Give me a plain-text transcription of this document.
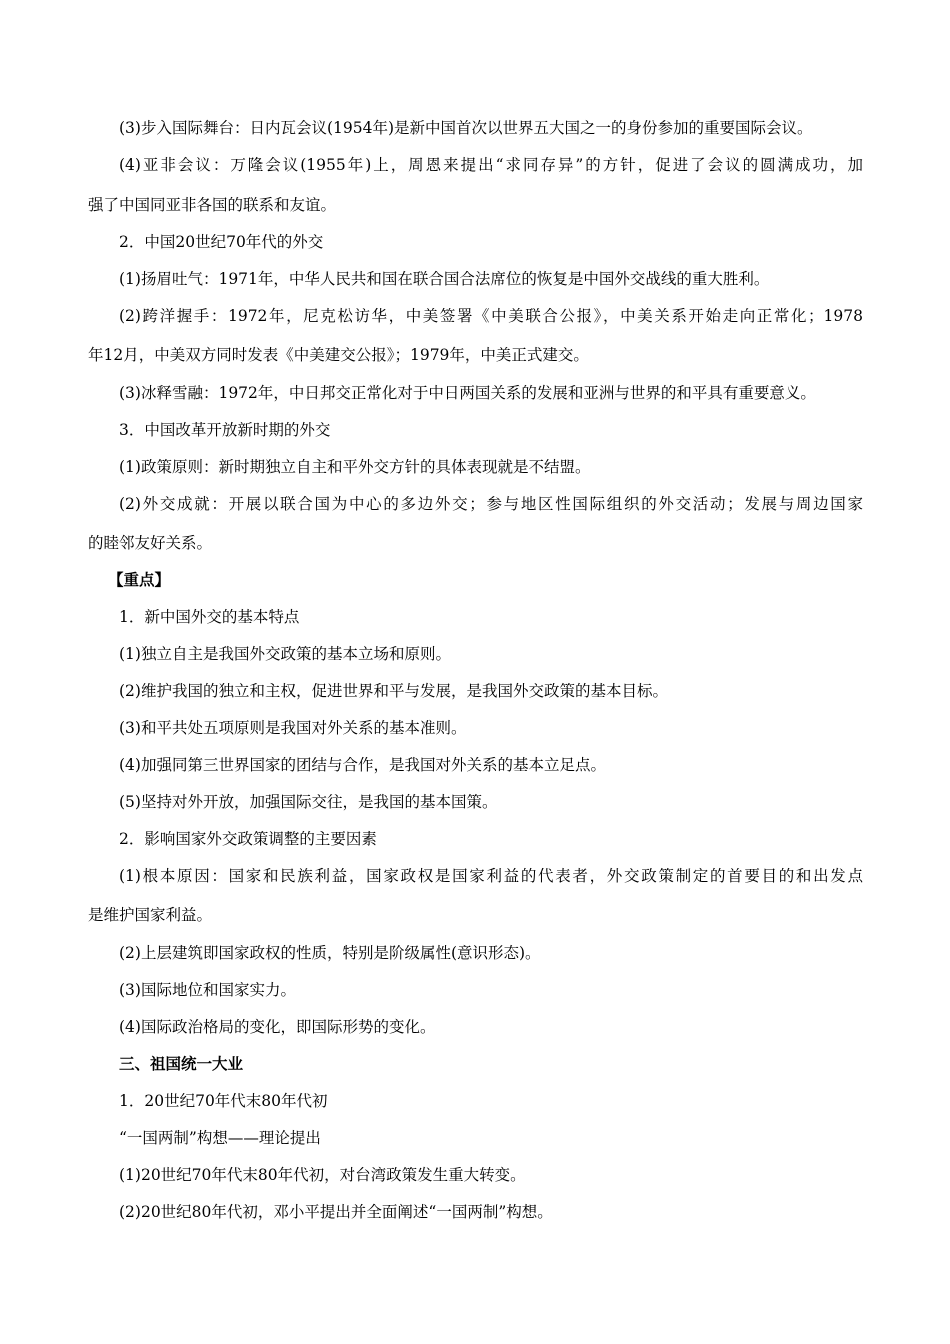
(3)步入国际舞台：日内瓦会议(1954年)是新中国首次以世界五大国之一的身份参加的重要国际会议。
(4)亚非会议：万隆会议(1955年)上，周恩来提出“求同存异”的方针，促进了会议的圆满成功，加
强了中国同亚非各国的联系和友谊。
2．中国20世纪70年代的外交
(1)扬眉吐气：1971年，中华人民共和国在联合国合法席位的恢复是中国外交战线的重大胜利。
(2)跨洋握手：1972年，尼克松访华，中美签署《中美联合公报》，中美关系开始走向正常化；1978
年12月，中美双方同时发表《中美建交公报》；1979年，中美正式建交。
(3)冰释雪融：1972年，中日邦交正常化对于中日两国关系的发展和亚洲与世界的和平具有重要意义。
3．中国改革开放新时期的外交
(1)政策原则：新时期独立自主和平外交方针的具体表现就是不结盟。
(2)外交成就：开展以联合国为中心的多边外交；参与地区性国际组织的外交活动；发展与周边国家
的睦邻友好关系。
【重点】
1．新中国外交的基本特点
(1)独立自主是我国外交政策的基本立场和原则。
(2)维护我国的独立和主权，促进世界和平与发展，是我国外交政策的基本目标。
(3)和平共处五项原则是我国对外关系的基本准则。
(4)加强同第三世界国家的团结与合作，是我国对外关系的基本立足点。
(5)坚持对外开放，加强国际交往，是我国的基本国策。
2．影响国家外交政策调整的主要因素
(1)根本原因：国家和民族利益，国家政权是国家利益的代表者，外交政策制定的首要目的和出发点
是维护国家利益。
(2)上层建筑即国家政权的性质，特别是阶级属性(意识形态)。
(3)国际地位和国家实力。
(4)国际政治格局的变化，即国际形势的变化。
三、祖国统一大业
1．20世纪70年代末80年代初
“一国两制”构想——理论提出
(1)20世纪70年代末80年代初，对台湾政策发生重大转变。
(2)20世纪80年代初，邓小平提出并全面阐述“一国两制”构想。
